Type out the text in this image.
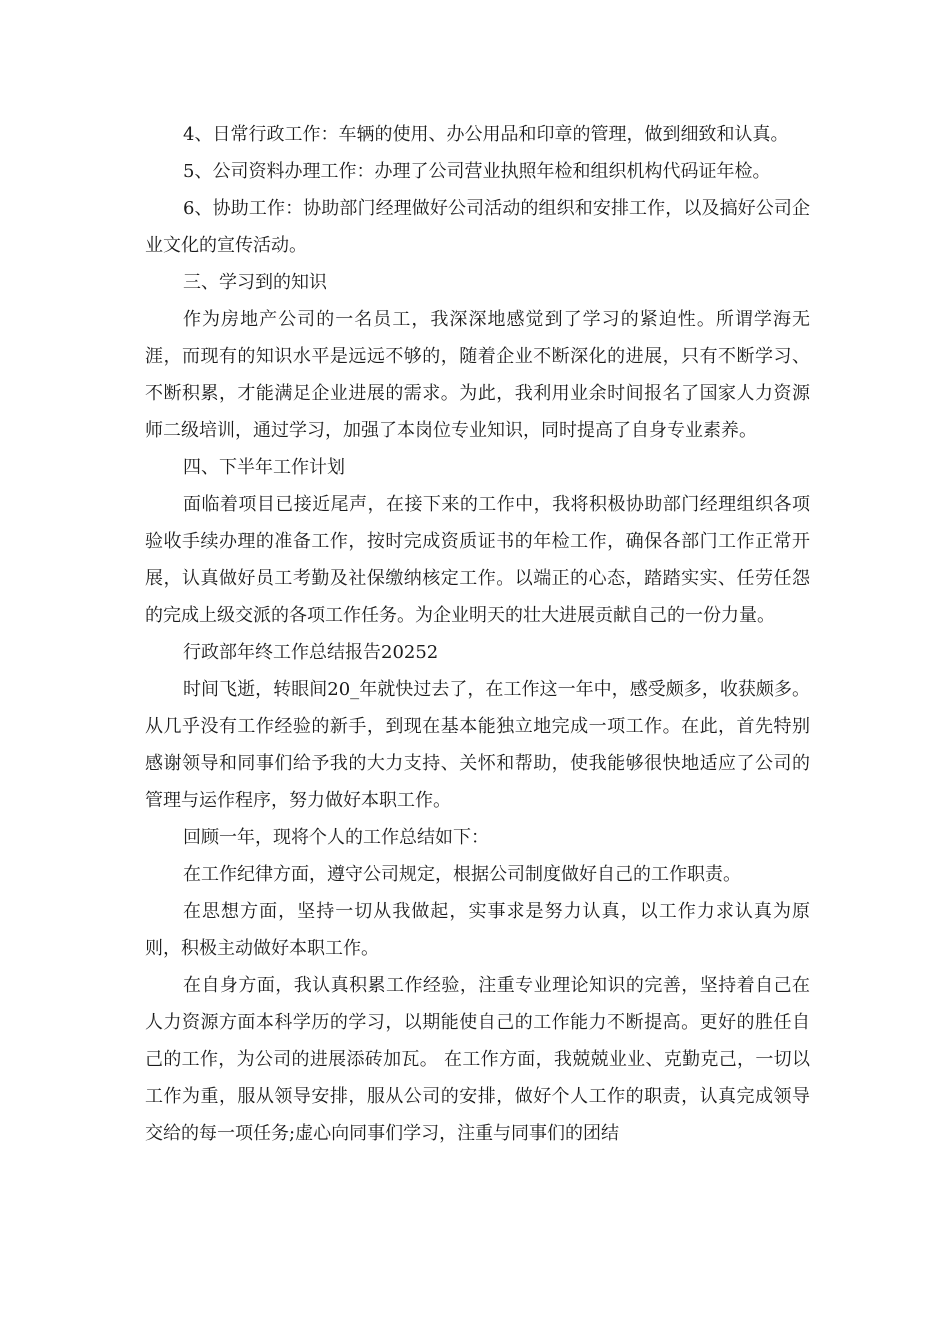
4、日常行政工作：车辆的使用、办公用品和印章的管理，做到细致和认真。

5、公司资料办理工作：办理了公司营业执照年检和组织机构代码证年检。

6、协助工作：协助部门经理做好公司活动的组织和安排工作，以及搞好公司企业文化的宣传活动。

三、学习到的知识

作为房地产公司的一名员工，我深深地感觉到了学习的紧迫性。所谓学海无涯，而现有的知识水平是远远不够的，随着企业不断深化的进展，只有不断学习、不断积累，才能满足企业进展的需求。为此，我利用业余时间报名了国家人力资源师二级培训，通过学习，加强了本岗位专业知识，同时提高了自身专业素养。

四、下半年工作计划

面临着项目已接近尾声，在接下来的工作中，我将积极协助部门经理组织各项验收手续办理的准备工作，按时完成资质证书的年检工作，确保各部门工作正常开展，认真做好员工考勤及社保缴纳核定工作。以端正的心态，踏踏实实、任劳任怨的完成上级交派的各项工作任务。为企业明天的壮大进展贡献自己的一份力量。

行政部年终工作总结报告20252

时间飞逝，转眼间20_年就快过去了，在工作这一年中，感受颇多，收获颇多。从几乎没有工作经验的新手，到现在基本能独立地完成一项工作。在此，首先特别感谢领导和同事们给予我的大力支持、关怀和帮助，使我能够很快地适应了公司的管理与运作程序，努力做好本职工作。

回顾一年，现将个人的工作总结如下：

在工作纪律方面，遵守公司规定，根据公司制度做好自己的工作职责。

在思想方面，坚持一切从我做起，实事求是努力认真，以工作力求认真为原则，积极主动做好本职工作。

在自身方面，我认真积累工作经验，注重专业理论知识的完善，坚持着自己在人力资源方面本科学历的学习，以期能使自己的工作能力不断提高。更好的胜任自己的工作，为公司的进展添砖加瓦。 在工作方面，我兢兢业业、克勤克己，一切以工作为重，服从领导安排，服从公司的安排，做好个人工作的职责，认真完成领导交给的每一项任务;虚心向同事们学习，注重与同事们的团结
